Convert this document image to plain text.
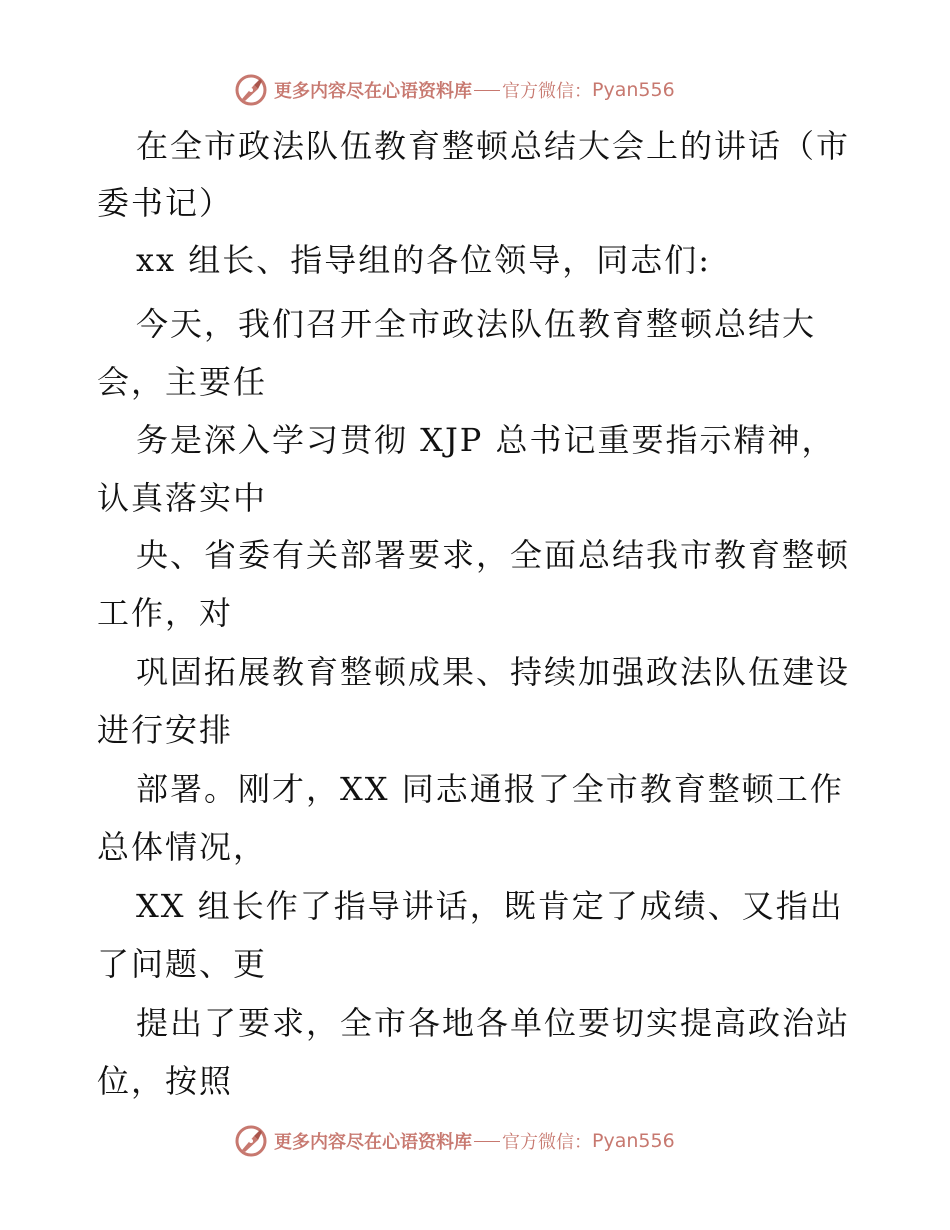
更多内容尽在心语资料库 官方微信： Pyan556
在全市政法队伍教育整顿总结大会上的讲话（市
委书记）
xx 组长、指导组的各位领导，同志们:
今天，我们召开全市政法队伍教育整顿总结大
会，主要任
务是深入学习贯彻 XJP 总书记重要指示精神，
认真落实中
央、省委有关部署要求，全面总结我市教育整顿
工作，对
巩固拓展教育整顿成果、持续加强政法队伍建设
进行安排
部署。刚才，XX 同志通报了全市教育整顿工作
总体情况，
XX 组长作了指导讲话，既肯定了成绩、又指出
了问题、更
提出了要求，全市各地各单位要切实提高政治站
位，按照
更多内容尽在心语资料库 官方微信： Pyan556
